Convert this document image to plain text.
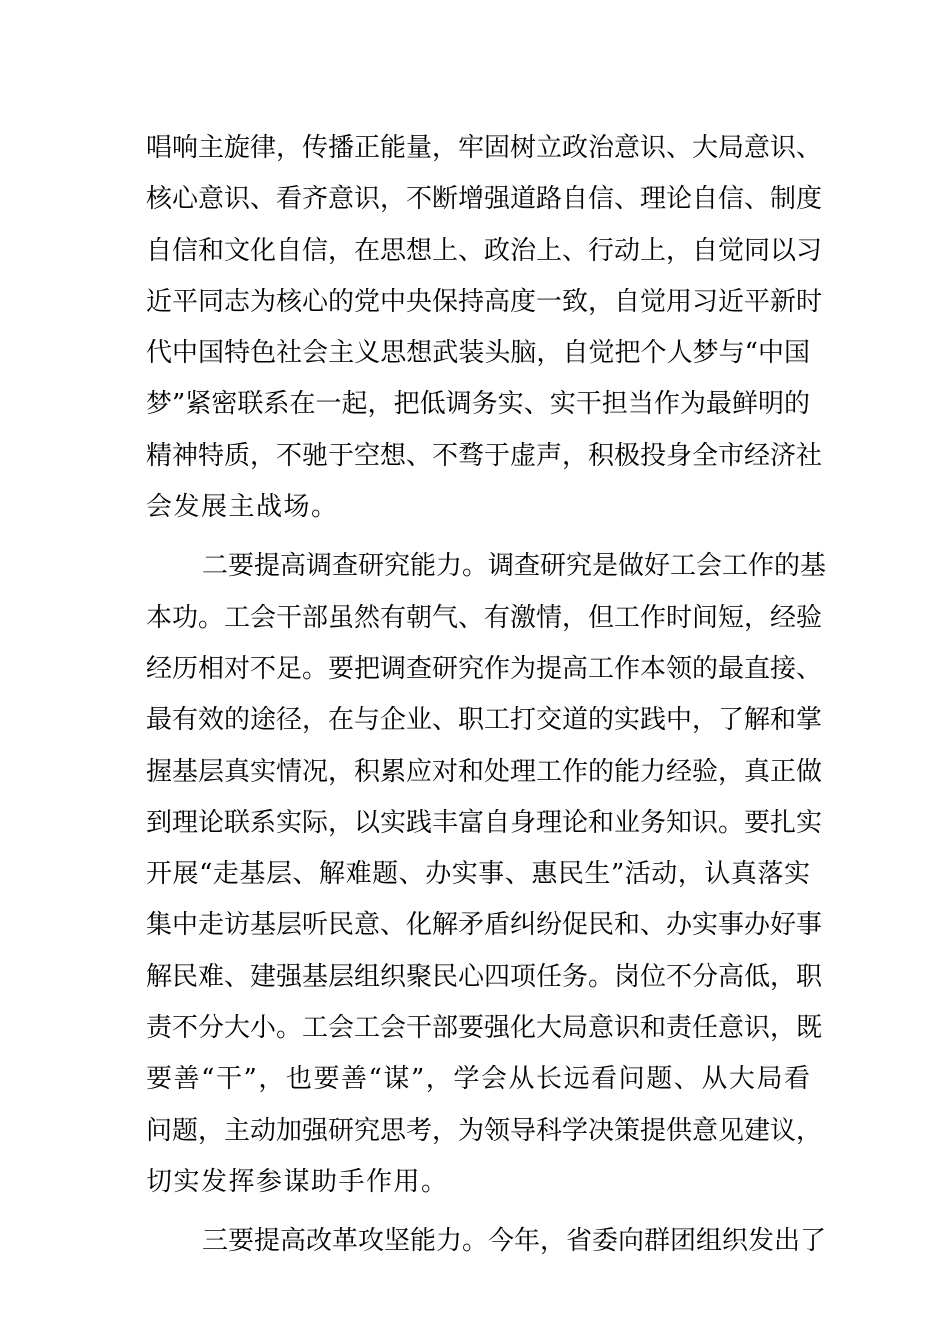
唱响主旋律，传播正能量，牢固树立政治意识、大局意识、
核心意识、看齐意识，不断增强道路自信、理论自信、制度
自信和文化自信，在思想上、政治上、行动上，自觉同以习
近平同志为核心的党中央保持高度一致，自觉用习近平新时
代中国特色社会主义思想武装头脑，自觉把个人梦与“中国
梦”紧密联系在一起，把低调务实、实干担当作为最鲜明的
精神特质，不驰于空想、不骛于虚声，积极投身全市经济社
会发展主战场。
二要提高调查研究能力。调查研究是做好工会工作的基
本功。工会干部虽然有朝气、有激情，但工作时间短，经验
经历相对不足。要把调查研究作为提高工作本领的最直接、
最有效的途径，在与企业、职工打交道的实践中，了解和掌
握基层真实情况，积累应对和处理工作的能力经验，真正做
到理论联系实际，以实践丰富自身理论和业务知识。要扎实
开展“走基层、解难题、办实事、惠民生”活动，认真落实
集中走访基层听民意、化解矛盾纠纷促民和、办实事办好事
解民难、建强基层组织聚民心四项任务。岗位不分高低，职
责不分大小。工会工会干部要强化大局意识和责任意识，既
要善“干”，也要善“谋”，学会从长远看问题、从大局看
问题，主动加强研究思考，为领导科学决策提供意见建议，
切实发挥参谋助手作用。
三要提高改革攻坚能力。今年，省委向群团组织发出了
